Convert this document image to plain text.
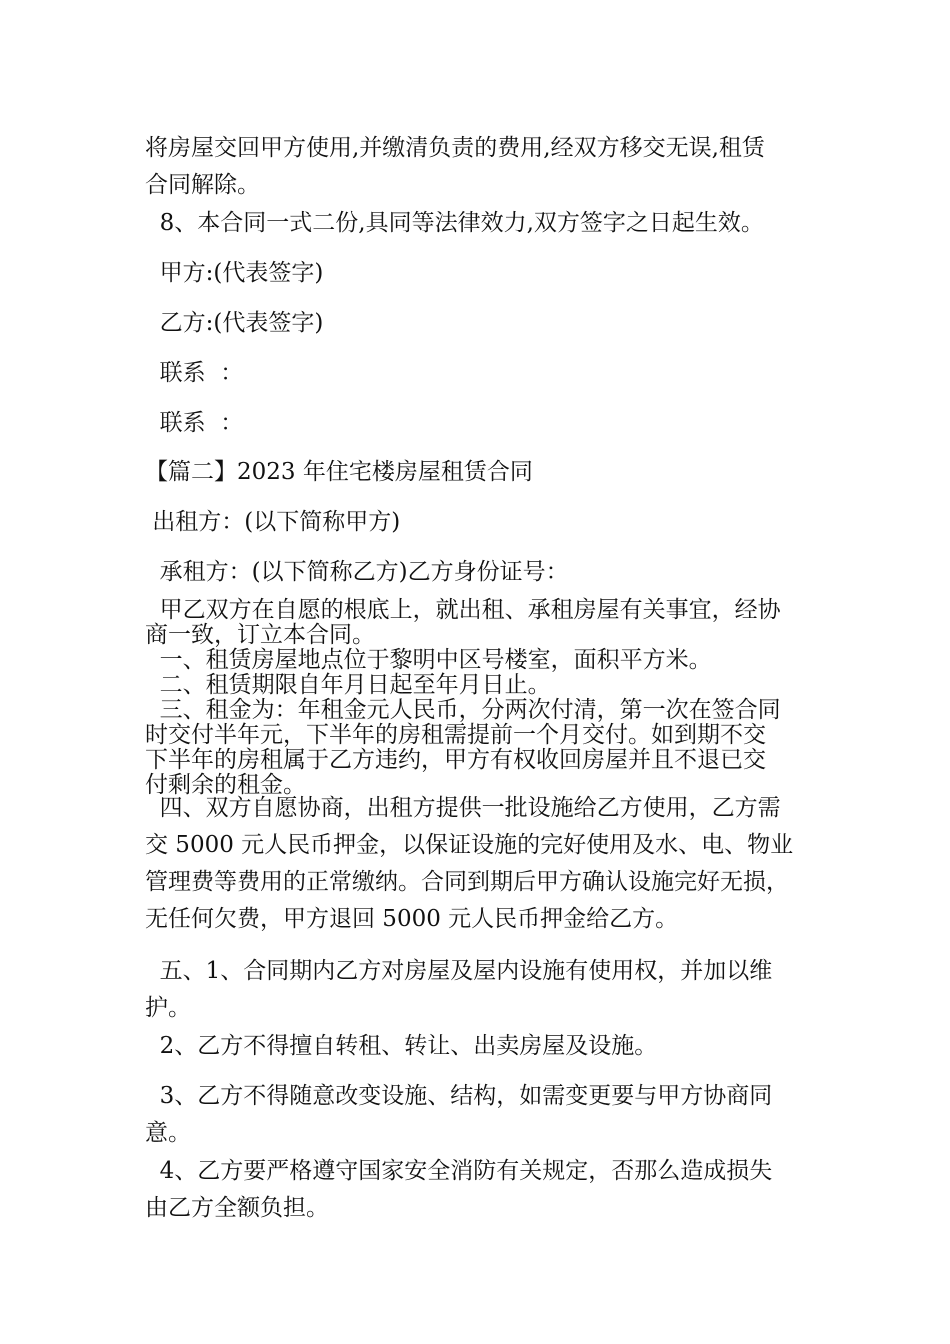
将房屋交回甲方使用,并缴清负责的费用,经双方移交无误,租赁
合同解除。
8、本合同一式二份,具同等法律效力,双方签字之日起生效。
甲方:(代表签字)
乙方:(代表签字)
联系  ：
联系  ：
【篇二】2023 年住宅楼房屋租赁合同
出租方：(以下简称甲方)
承租方：(以下简称乙方)乙方身份证号：
甲乙双方在自愿的根底上，就出租、承租房屋有关事宜，经协
商一致，订立本合同。
一、租赁房屋地点位于黎明中区号楼室，面积平方米。
二、租赁期限自年月日起至年月日止。
三、租金为：年租金元人民币，分两次付清，第一次在签合同
时交付半年元，下半年的房租需提前一个月交付。如到期不交
下半年的房租属于乙方违约，甲方有权收回房屋并且不退已交
付剩余的租金。
四、双方自愿协商，出租方提供一批设施给乙方使用，乙方需
交 5000 元人民币押金，以保证设施的完好使用及水、电、物业
管理费等费用的正常缴纳。合同到期后甲方确认设施完好无损，
无任何欠费，甲方退回 5000 元人民币押金给乙方。
五、1、合同期内乙方对房屋及屋内设施有使用权，并加以维
护。
2、乙方不得擅自转租、转让、出卖房屋及设施。
3、乙方不得随意改变设施、结构，如需变更要与甲方协商同
意。
4、乙方要严格遵守国家安全消防有关规定，否那么造成损失
由乙方全额负担。
